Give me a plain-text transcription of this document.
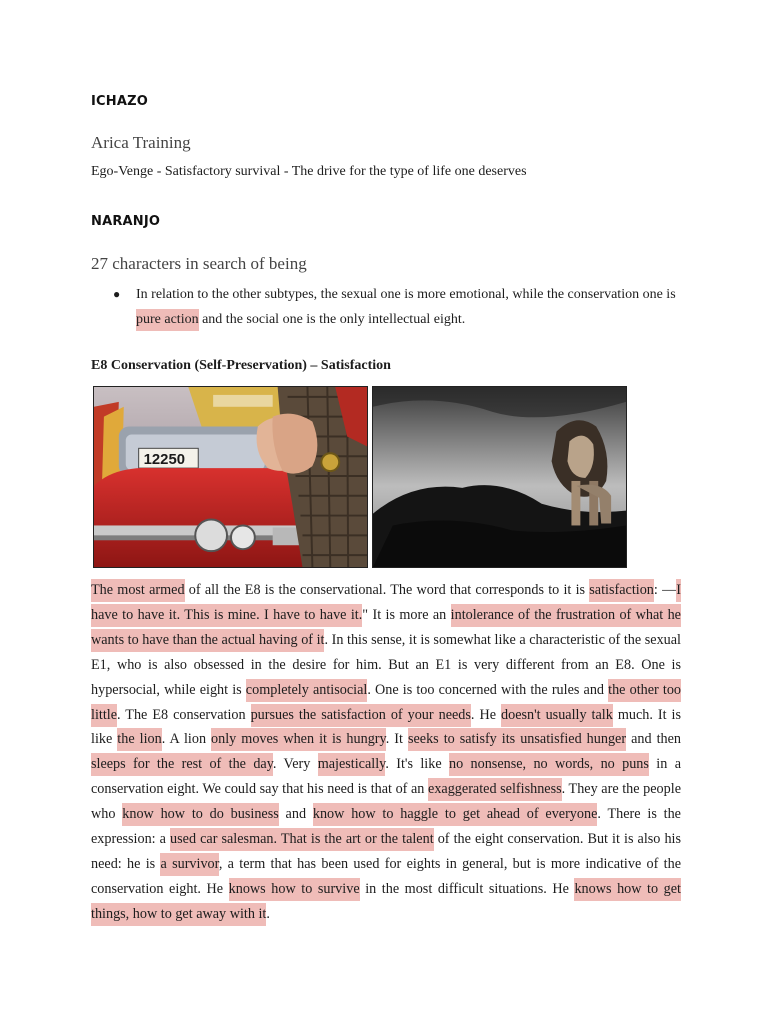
ICHAZO
Arica Training
Ego-Venge - Satisfactory survival - The drive for the type of life one deserves
NARANJO
27 characters in search of being
● In relation to the other subtypes, the sexual one is more emotional, while the conservation one is pure action and the social one is the only intellectual eight.
E8 Conservation (Self-Preservation) – Satisfaction
12250
The most armed of all the E8 is the conservational. The word that corresponds to it is satisfaction: —I have to have it. This is mine. I have to have it." It is more an intolerance of the frustration of what he wants to have than the actual having of it. In this sense, it is somewhat like a characteristic of the sexual E1, who is also obsessed in the desire for him. But an E1 is very different from an E8. One is hypersocial, while eight is completely antisocial. One is too concerned with the rules and the other too little. The E8 conservation pursues the satisfaction of your needs. He doesn't usually talk much. It is like the lion. A lion only moves when it is hungry. It seeks to satisfy its unsatisfied hunger and then sleeps for the rest of the day. Very majestically. It's like no nonsense, no words, no puns in a conservation eight. We could say that his need is that of an exaggerated selfishness. They are the people who know how to do business and know how to haggle to get ahead of everyone. There is the expression: a used car salesman. That is the art or the talent of the eight conservation. But it is also his need: he is a survivor, a term that has been used for eights in general, but is more indicative of the conservation eight. He knows how to survive in the most difficult situations. He knows how to get things, how to get away with it.
